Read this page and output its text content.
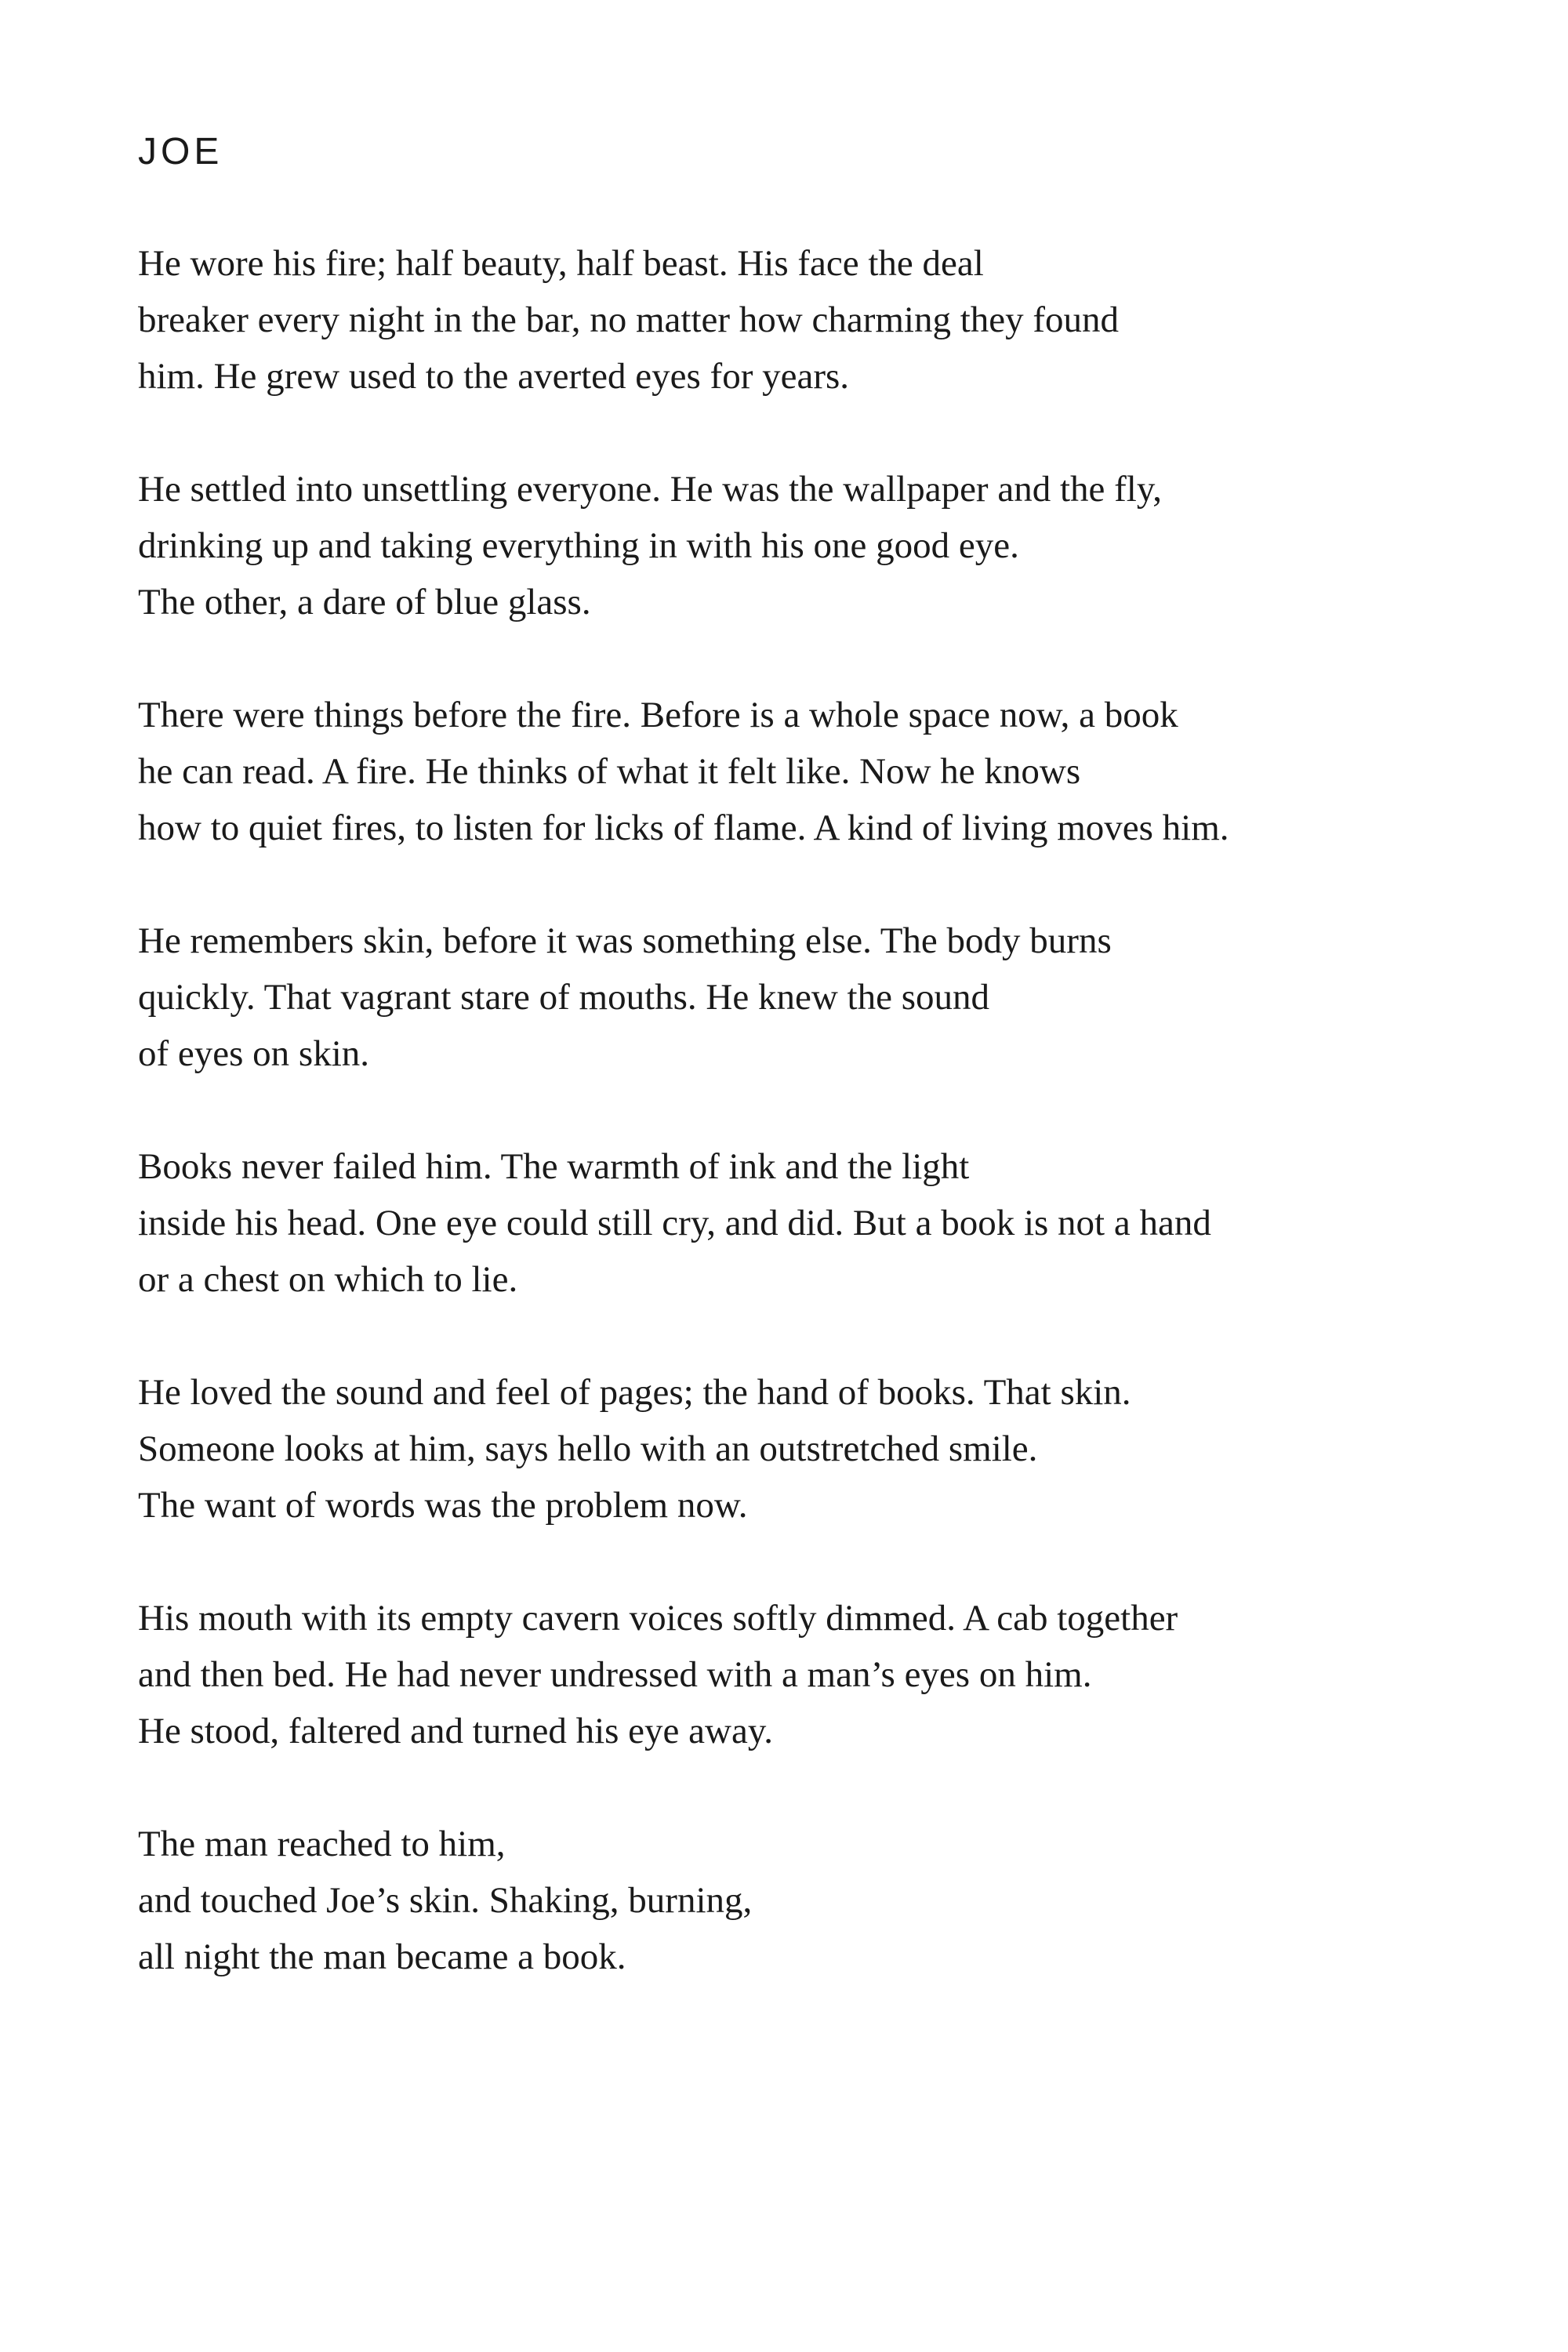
JOE

He wore his fire; half beauty, half beast. His face the deal
breaker every night in the bar, no matter how charming they found
him. He grew used to the averted eyes for years.

He settled into unsettling everyone. He was the wallpaper and the fly,
drinking up and taking everything in with his one good eye.
The other, a dare of blue glass.

There were things before the fire. Before is a whole space now, a book
he can read. A fire. He thinks of what it felt like. Now he knows
how to quiet fires, to listen for licks of flame. A kind of living moves him.

He remembers skin, before it was something else. The body burns
quickly. That vagrant stare of mouths. He knew the sound
of eyes on skin.

Books never failed him. The warmth of ink and the light
inside his head. One eye could still cry, and did. But a book is not a hand
or a chest on which to lie.

He loved the sound and feel of pages; the hand of books. That skin.
Someone looks at him, says hello with an outstretched smile.
The want of words was the problem now.

His mouth with its empty cavern voices softly dimmed. A cab together
and then bed. He had never undressed with a man’s eyes on him.
He stood, faltered and turned his eye away.

The man reached to him,
and touched Joe’s skin. Shaking, burning,
all night the man became a book.
